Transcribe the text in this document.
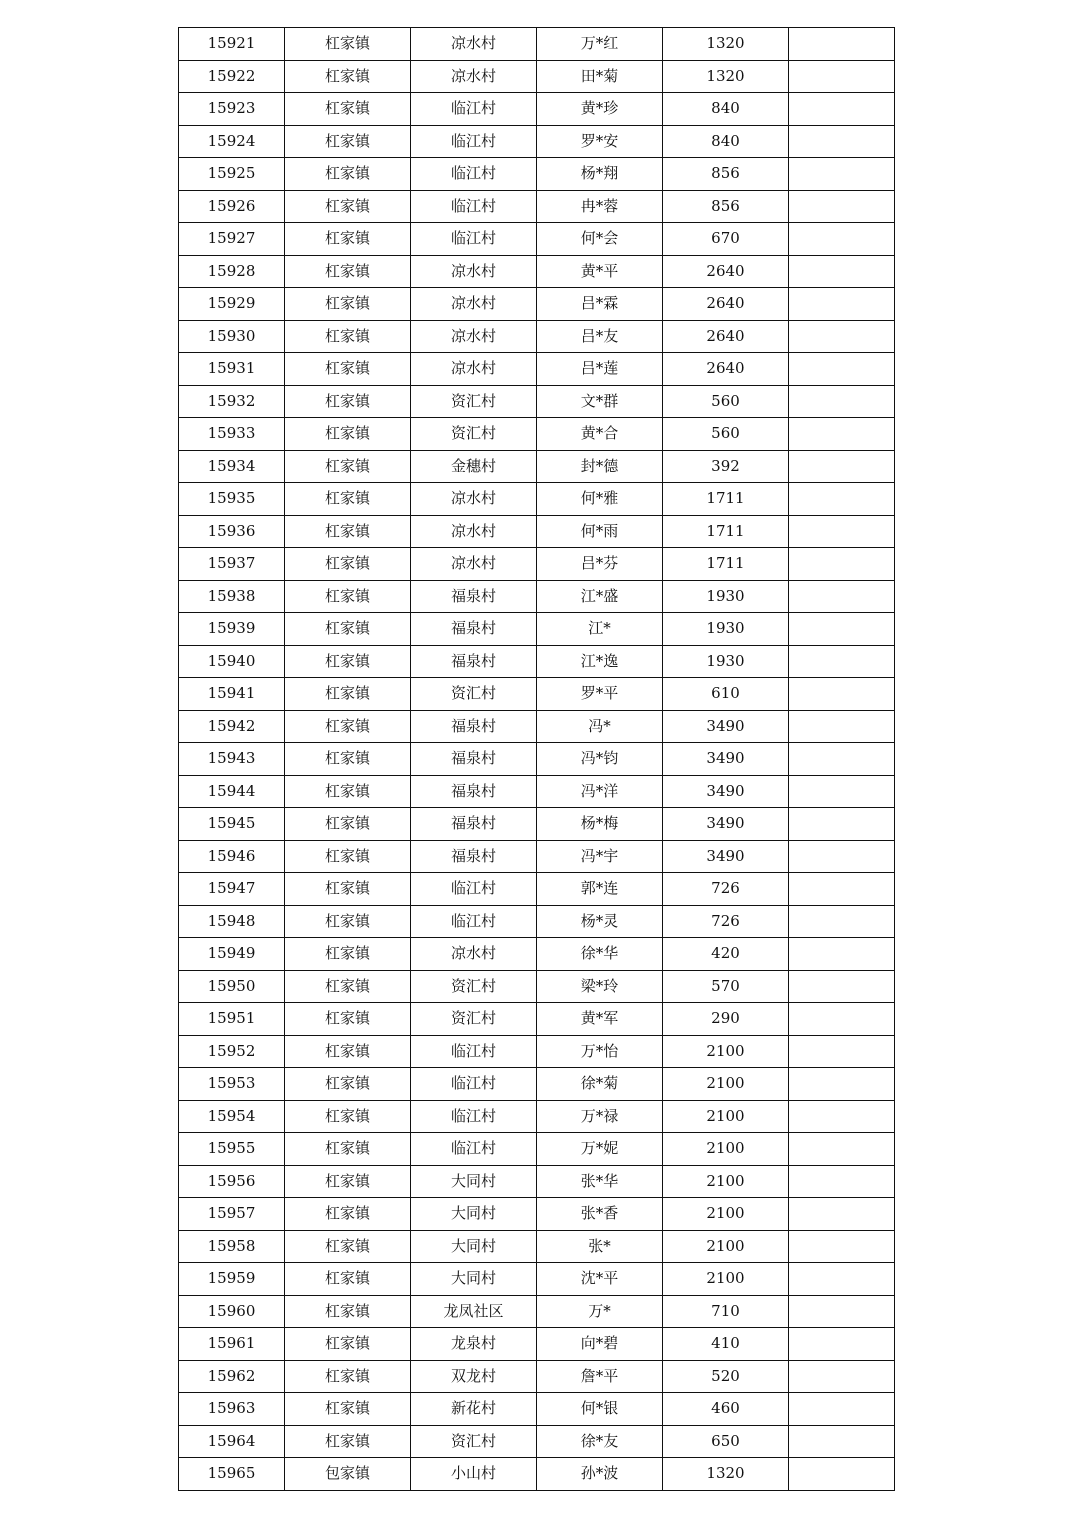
15921	杠家镇	凉水村	万*红	1320	
15922	杠家镇	凉水村	田*菊	1320	
15923	杠家镇	临江村	黄*珍	840	
15924	杠家镇	临江村	罗*安	840	
15925	杠家镇	临江村	杨*翔	856	
15926	杠家镇	临江村	冉*蓉	856	
15927	杠家镇	临江村	何*会	670	
15928	杠家镇	凉水村	黄*平	2640	
15929	杠家镇	凉水村	吕*霖	2640	
15930	杠家镇	凉水村	吕*友	2640	
15931	杠家镇	凉水村	吕*莲	2640	
15932	杠家镇	资汇村	文*群	560	
15933	杠家镇	资汇村	黄*合	560	
15934	杠家镇	金穗村	封*德	392	
15935	杠家镇	凉水村	何*雅	1711	
15936	杠家镇	凉水村	何*雨	1711	
15937	杠家镇	凉水村	吕*芬	1711	
15938	杠家镇	福泉村	江*盛	1930	
15939	杠家镇	福泉村	江*	1930	
15940	杠家镇	福泉村	江*逸	1930	
15941	杠家镇	资汇村	罗*平	610	
15942	杠家镇	福泉村	冯*	3490	
15943	杠家镇	福泉村	冯*钧	3490	
15944	杠家镇	福泉村	冯*洋	3490	
15945	杠家镇	福泉村	杨*梅	3490	
15946	杠家镇	福泉村	冯*宇	3490	
15947	杠家镇	临江村	郭*连	726	
15948	杠家镇	临江村	杨*灵	726	
15949	杠家镇	凉水村	徐*华	420	
15950	杠家镇	资汇村	梁*玲	570	
15951	杠家镇	资汇村	黄*军	290	
15952	杠家镇	临江村	万*怡	2100	
15953	杠家镇	临江村	徐*菊	2100	
15954	杠家镇	临江村	万*禄	2100	
15955	杠家镇	临江村	万*妮	2100	
15956	杠家镇	大同村	张*华	2100	
15957	杠家镇	大同村	张*香	2100	
15958	杠家镇	大同村	张*	2100	
15959	杠家镇	大同村	沈*平	2100	
15960	杠家镇	龙凤社区	万*	710	
15961	杠家镇	龙泉村	向*碧	410	
15962	杠家镇	双龙村	詹*平	520	
15963	杠家镇	新花村	何*银	460	
15964	杠家镇	资汇村	徐*友	650	
15965	包家镇	小山村	孙*波	1320	
